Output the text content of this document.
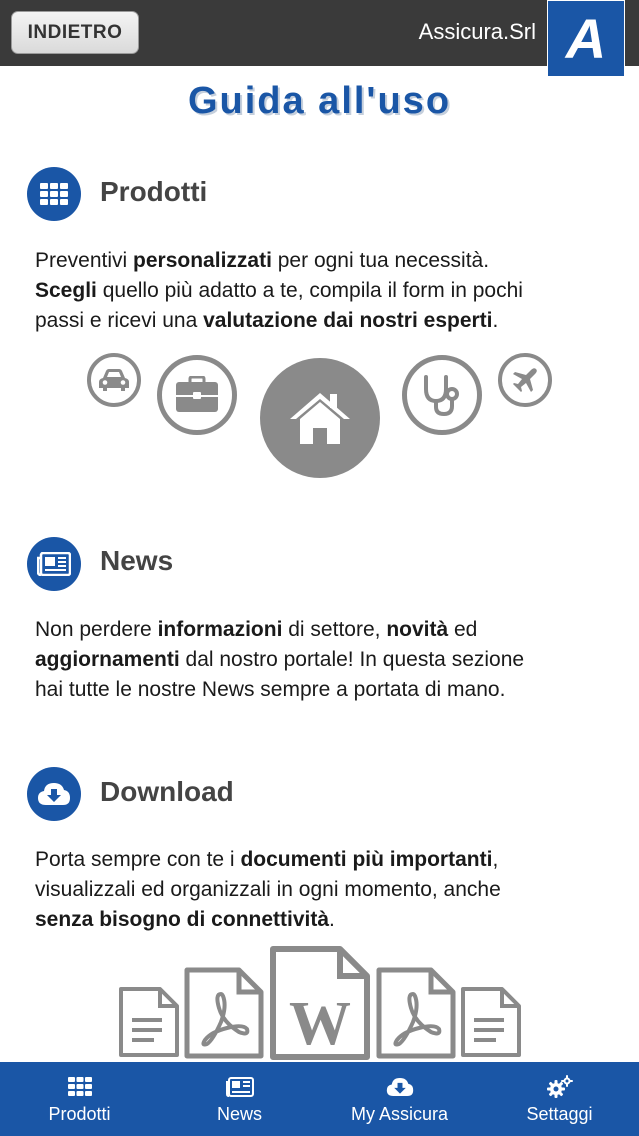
INDIETRO	Assicura.Srl A
Guida all'uso
Prodotti
Preventivi personalizzati per ogni tua necessità.
Scegli quello più adatto a te, compila il form in pochi
passi e ricevi una valutazione dai nostri esperti.
News
Non perdere informazioni di settore, novità ed
aggiornamenti dal nostro portale! In questa sezione
hai tutte le nostre News sempre a portata di mano.
Download
Porta sempre con te i documenti più importanti,
visualizzali ed organizzali in ogni momento, anche
senza bisogno di connettività.
W
Prodotti	News	My Assicura	Settaggi
